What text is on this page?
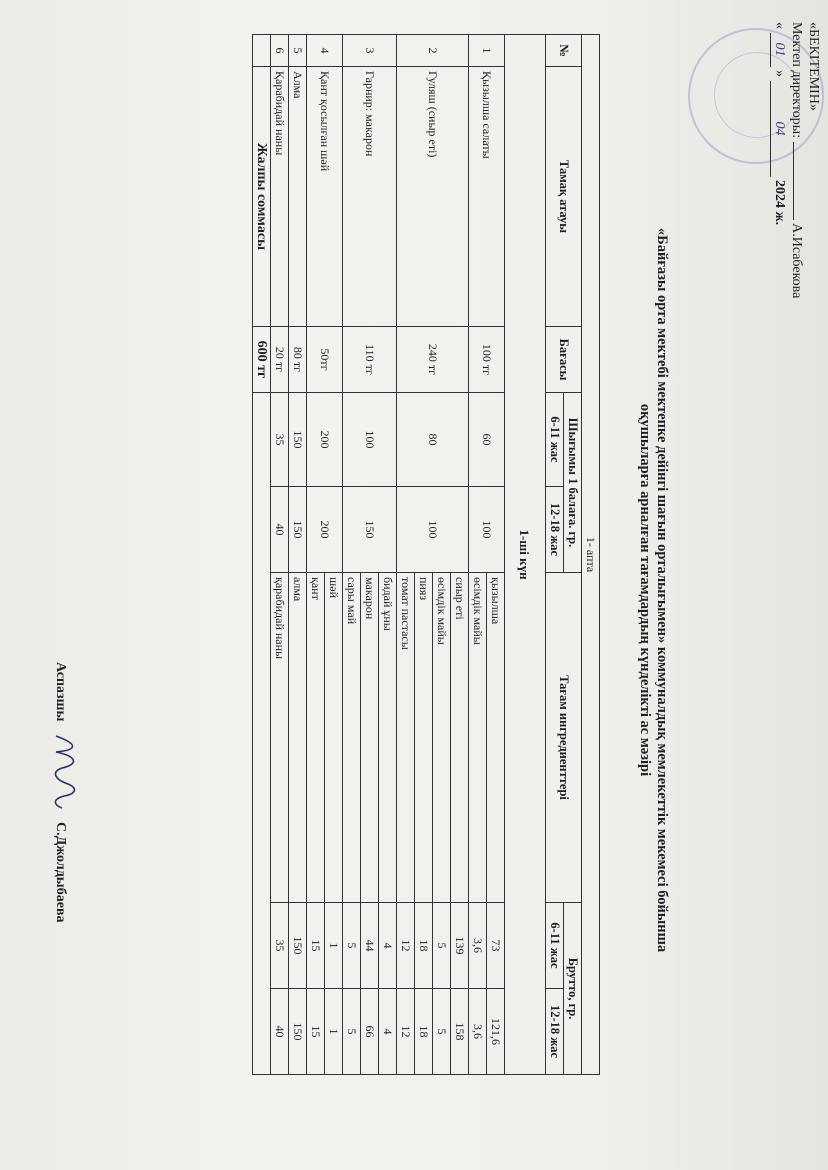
«БЕКІТЕМІН»
Мектеп директоры:  А.Исабекова
« 01 » 04 2024 ж.
«Байғазы орта мектебі мектепке дейінгі шағын орталығымен» коммуналдық мемлекеттік мекемесі бойынша
оқушыларға арналған тағамдардың күнделікті ас мәзірі
1- апта							
№	Тамақ атауы	Бағасы	Шығымы 1 балаға. гр.		Тағам ингредиенттері	Брутто, гр.	
			6-11 жас	12-18 жас		6-11 жас	12-18 жас
1-ші күн							
1	Қызылша салаты	100 тг	60	100	қызылша	73	121,6
					өсімдік майы	3,6	3,6
2	Гуляш (сиыр еті)	240 тг	80	100	сиыр еті	139	158
					өсімдік майы	5	5
					пияз	18	18
					томат пастасы	12	12
3	Гарнир: макарон	110 тг	100	150	бидай ұны	4	4
					макарон	44	66
					сары май	5	5
4	Қант қосылған шәй	50тг	200	200	шәй	1	1
					қант	15	15
5	Алма	80 тг	150	150	алма	150	150
6	Қарабидай наны	20 тг	35	40	қарабидай наны	35	40
	Жалпы соммасы	600 тг					
Аспазшы
С.Джолдыбаева
